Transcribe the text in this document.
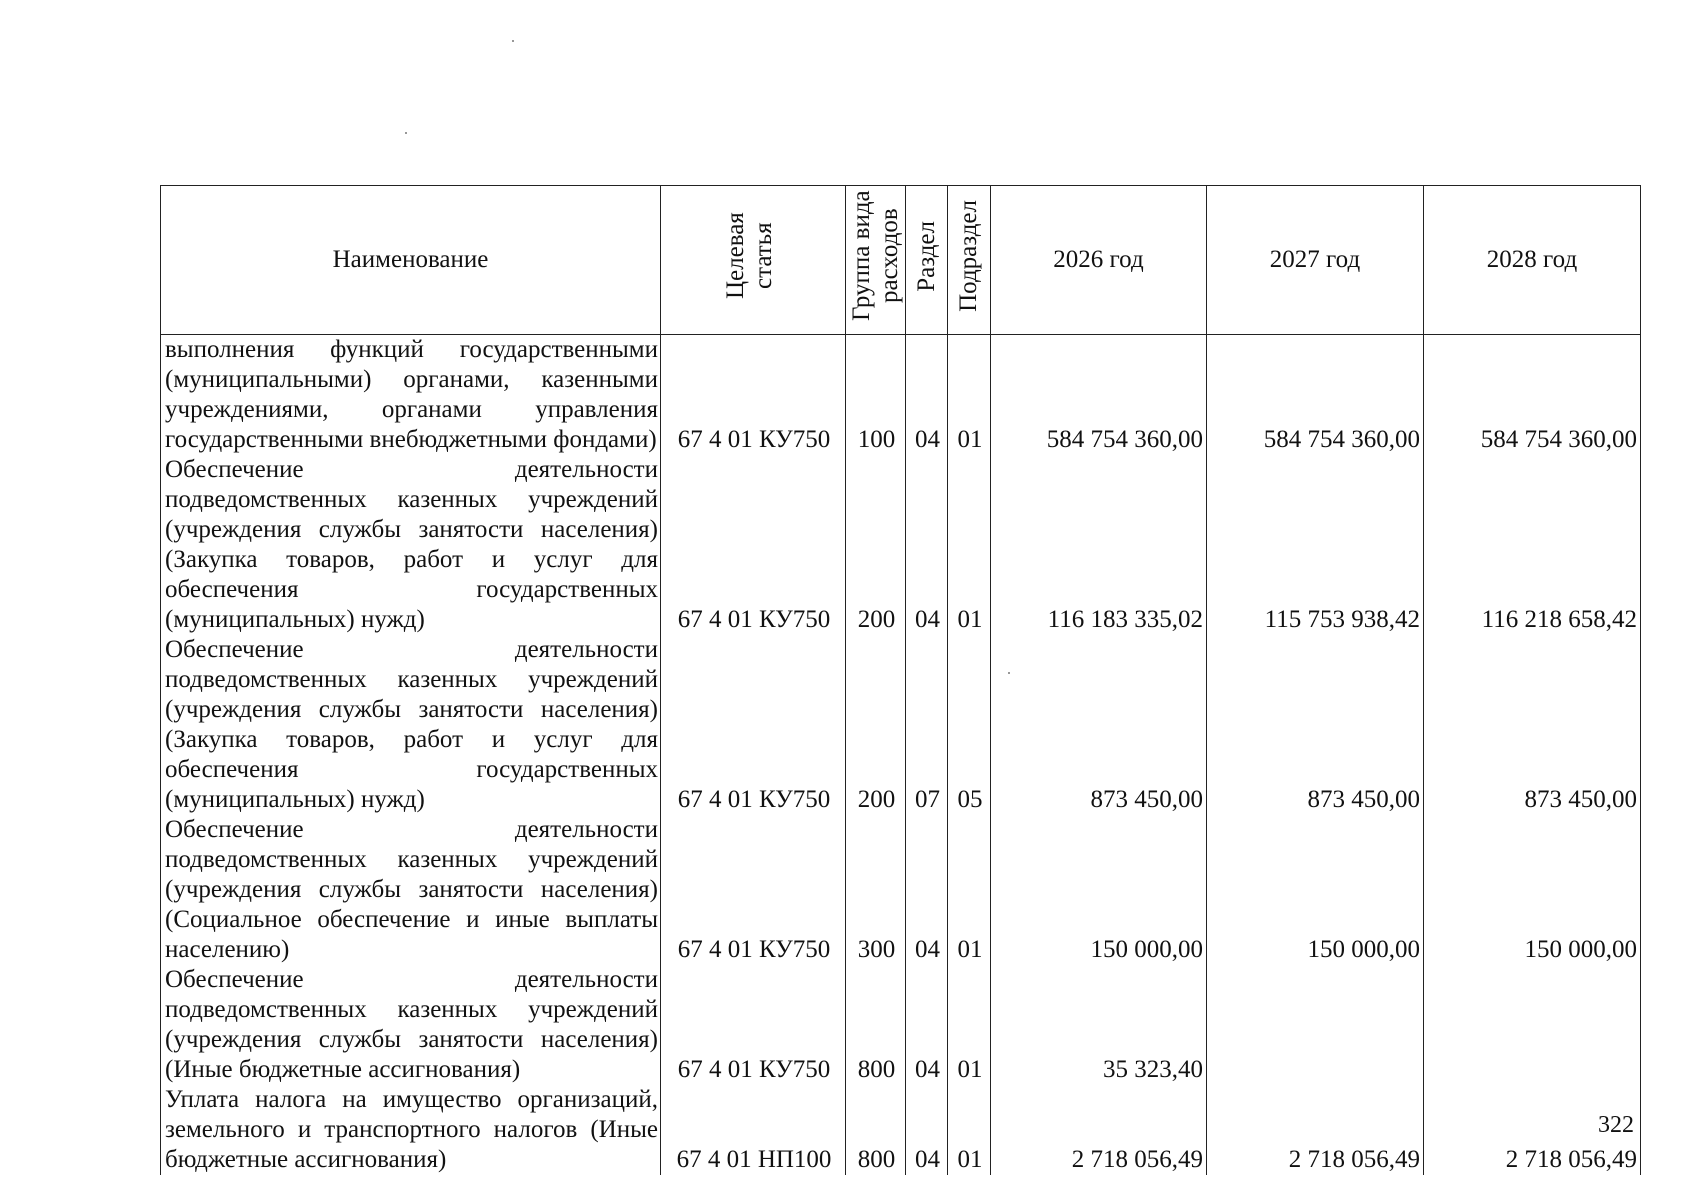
Наименование	Целевая статья	Группа вида расходов	Раздел	Подраздел	2026 год	2027 год	2028 год
выполнения функций государственными (муниципальными) органами, казенными учреждениями, органами управления государственными внебюджетными фондами)	67 4 01 КУ750	100	04	01	584 754 360,00	584 754 360,00	584 754 360,00
Обеспечение деятельности подведомственных казенных учреждений (учреждения службы занятости населения) (Закупка товаров, работ и услуг для обеспечения государственных (муниципальных) нужд)	67 4 01 КУ750	200	04	01	116 183 335,02	115 753 938,42	116 218 658,42
Обеспечение деятельности подведомственных казенных учреждений (учреждения службы занятости населения) (Закупка товаров, работ и услуг для обеспечения государственных (муниципальных) нужд)	67 4 01 КУ750	200	07	05	873 450,00	873 450,00	873 450,00
Обеспечение деятельности подведомственных казенных учреждений (учреждения службы занятости населения) (Социальное обеспечение и иные выплаты населению)	67 4 01 КУ750	300	04	01	150 000,00	150 000,00	150 000,00
Обеспечение деятельности подведомственных казенных учреждений (учреждения службы занятости населения) (Иные бюджетные ассигнования)	67 4 01 КУ750	800	04	01	35 323,40		
Уплата налога на имущество организаций, земельного и транспортного налогов (Иные бюджетные ассигнования)	67 4 01 НП100	800	04	01	2 718 056,49	2 718 056,49	2 718 056,49
322
